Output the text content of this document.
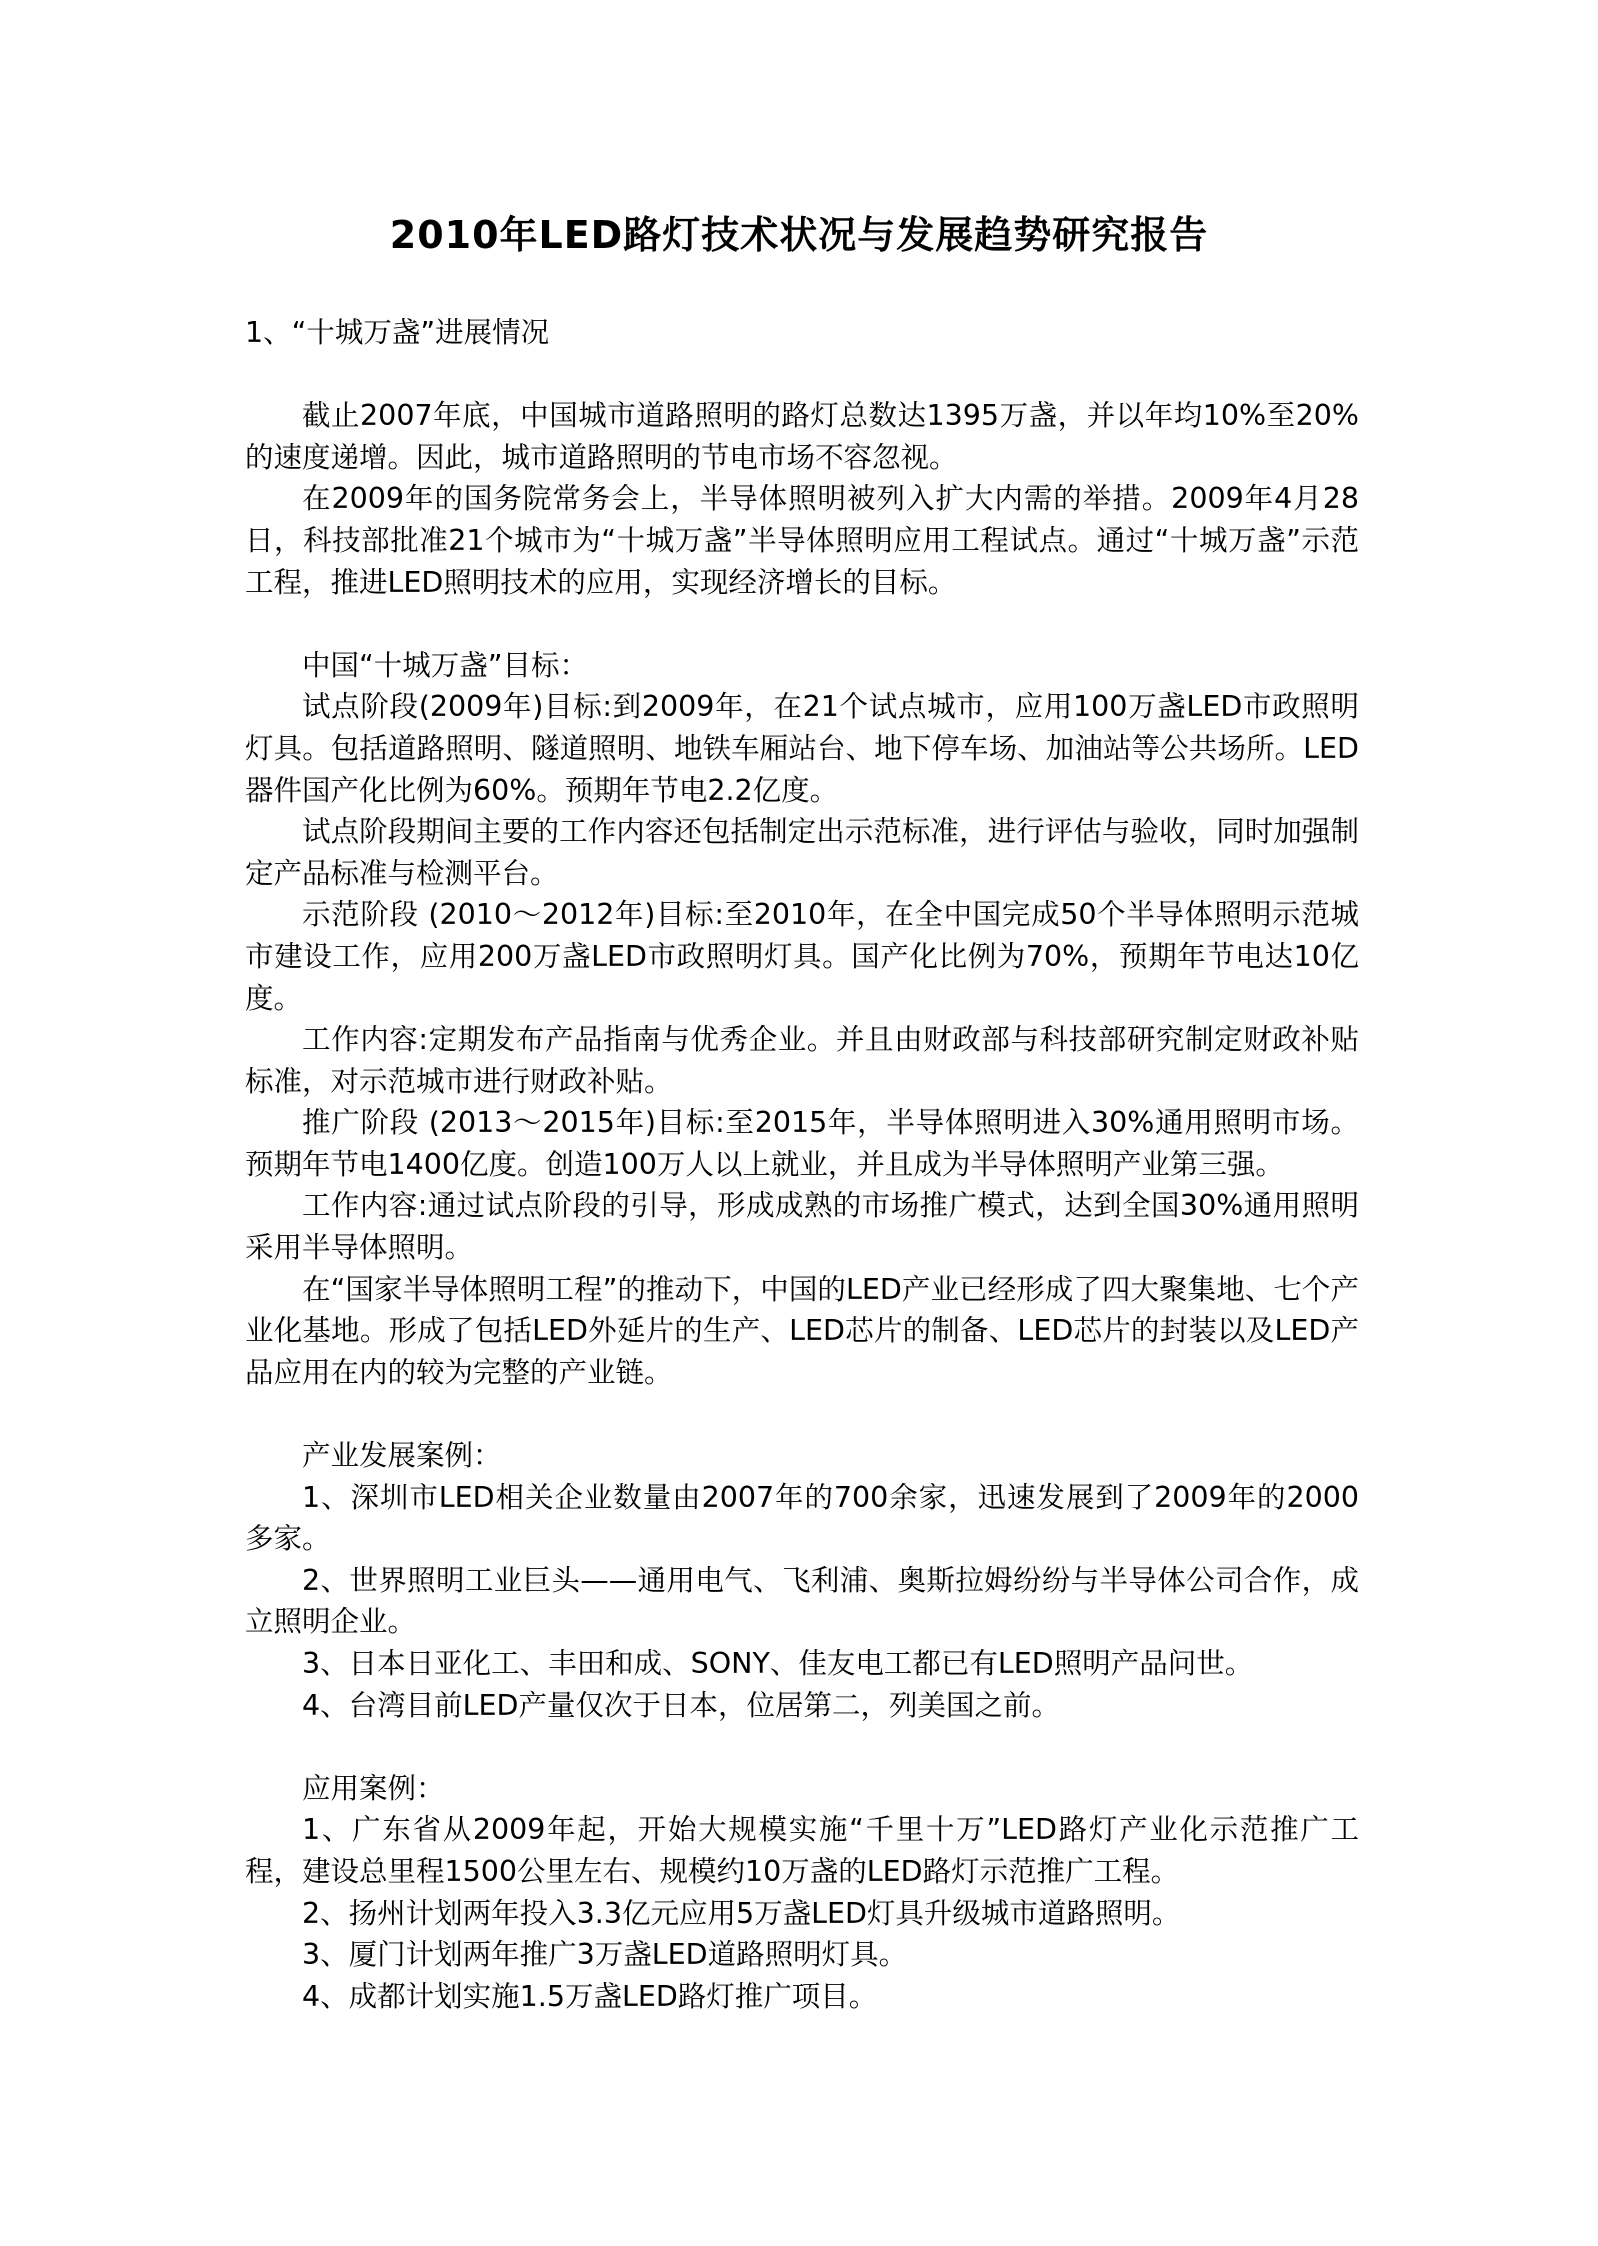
2010年LED路灯技术状况与发展趋势研究报告

1、“十城万盏”进展情况

截止2007年底，中国城市道路照明的路灯总数达1395万盏，并以年均10%至20%的速度递增。因此，城市道路照明的节电市场不容忽视。

在2009年的国务院常务会上，半导体照明被列入扩大内需的举措。2009年4月28日，科技部批准21个城市为“十城万盏”半导体照明应用工程试点。通过“十城万盏”示范工程，推进LED照明技术的应用，实现经济增长的目标。

中国“十城万盏”目标：

试点阶段(2009年)目标:到2009年，在21个试点城市，应用100万盏LED市政照明灯具。包括道路照明、隧道照明、地铁车厢站台、地下停车场、加油站等公共场所。LED器件国产化比例为60%。预期年节电2.2亿度。

试点阶段期间主要的工作内容还包括制定出示范标准，进行评估与验收，同时加强制定产品标准与检测平台。

示范阶段 (2010～2012年)目标:至2010年，在全中国完成50个半导体照明示范城市建设工作，应用200万盏LED市政照明灯具。国产化比例为70%，预期年节电达10亿度。

工作内容:定期发布产品指南与优秀企业。并且由财政部与科技部研究制定财政补贴标准，对示范城市进行财政补贴。

推广阶段 (2013～2015年)目标:至2015年，半导体照明进入30%通用照明市场。预期年节电1400亿度。创造100万人以上就业，并且成为半导体照明产业第三强。

工作内容:通过试点阶段的引导，形成成熟的市场推广模式，达到全国30%通用照明采用半导体照明。

在“国家半导体照明工程”的推动下，中国的LED产业已经形成了四大聚集地、七个产业化基地。形成了包括LED外延片的生产、LED芯片的制备、LED芯片的封装以及LED产品应用在内的较为完整的产业链。

产业发展案例：

1、深圳市LED相关企业数量由2007年的700余家，迅速发展到了2009年的2000多家。

2、世界照明工业巨头——通用电气、飞利浦、奥斯拉姆纷纷与半导体公司合作，成立照明企业。

3、日本日亚化工、丰田和成、SONY、佳友电工都已有LED照明产品问世。

4、台湾目前LED产量仅次于日本，位居第二，列美国之前。

应用案例：

1、广东省从2009年起，开始大规模实施“千里十万”LED路灯产业化示范推广工程，建设总里程1500公里左右、规模约10万盏的LED路灯示范推广工程。

2、扬州计划两年投入3.3亿元应用5万盏LED灯具升级城市道路照明。

3、厦门计划两年推广3万盏LED道路照明灯具。

4、成都计划实施1.5万盏LED路灯推广项目。
